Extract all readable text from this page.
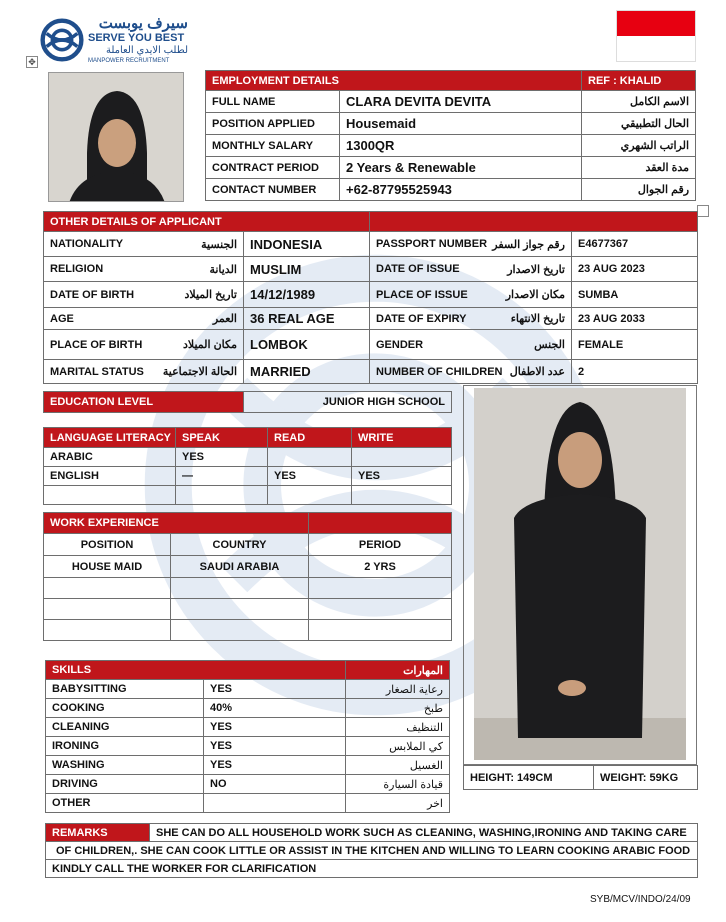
سيرف يوبست
SERVE YOU BEST
لطلب الايدي العاملة
MANPOWER RECRUITMENT
✥
EMPLOYMENT DETAILS		REF : KHALID
FULL NAME	CLARA DEVITA DEVITA	الاسم الكامل
POSITION APPLIED	Housemaid	الحال التطبيقي
MONTHLY SALARY	1300QR	الراتب الشهري
CONTRACT PERIOD	2 Years & Renewable	مدة العقد
CONTACT NUMBER	+62-87795525943	رقم الجوال
OTHER DETAILS OF APPLICANT	
NATIONALITY الجنسية	INDONESIA	PASSPORT NUMBER رقم جواز السفر	E4677367

RELIGION الديانة	MUSLIM	DATE OF ISSUE تاريخ الاصدار	23 AUG 2023

DATE OF BIRTH تاريخ الميلاد	14/12/1989	PLACE OF ISSUE مكان الاصدار	SUMBA

AGE العمر	36 REAL AGE	DATE OF EXPIRY تاريخ الانتهاء	23 AUG 2033

PLACE OF BIRTH مكان الميلاد	LOMBOK	GENDER الجنس	FEMALE

MARITAL STATUS الحالة الاجتماعية	MARRIED	NUMBER OF CHILDREN عدد الاطفال	2
EDUCATION LEVEL	JUNIOR HIGH SCHOOL
LANGUAGE LITERACY	SPEAK	READ	WRITE
ARABIC	YES		
ENGLISH	—	YES	YES

WORK EXPERIENCE		
POSITION	COUNTRY	PERIOD
HOUSE MAID	SAUDI ARABIA	2 YRS

SKILLS		المهارات
BABYSITTING	YES	رعاية الصغار
COOKING	40%	طبخ
CLEANING	YES	التنظيف
IRONING	YES	كي الملابس
WASHING	YES	الغسيل
DRIVING	NO	قيادة السيارة
OTHER		اخر
HEIGHT: 149CM	WEIGHT: 59KG
REMARKS	SHE CAN DO ALL HOUSEHOLD WORK SUCH AS CLEANING, WASHING,IRONING AND TAKING CARE
OF CHILDREN,. SHE CAN COOK LITTLE OR ASSIST IN THE KITCHEN AND WILLING TO LEARN COOKING ARABIC FOOD
KINDLY CALL THE WORKER FOR CLARIFICATION
SYB/MCV/INDO/24/09
